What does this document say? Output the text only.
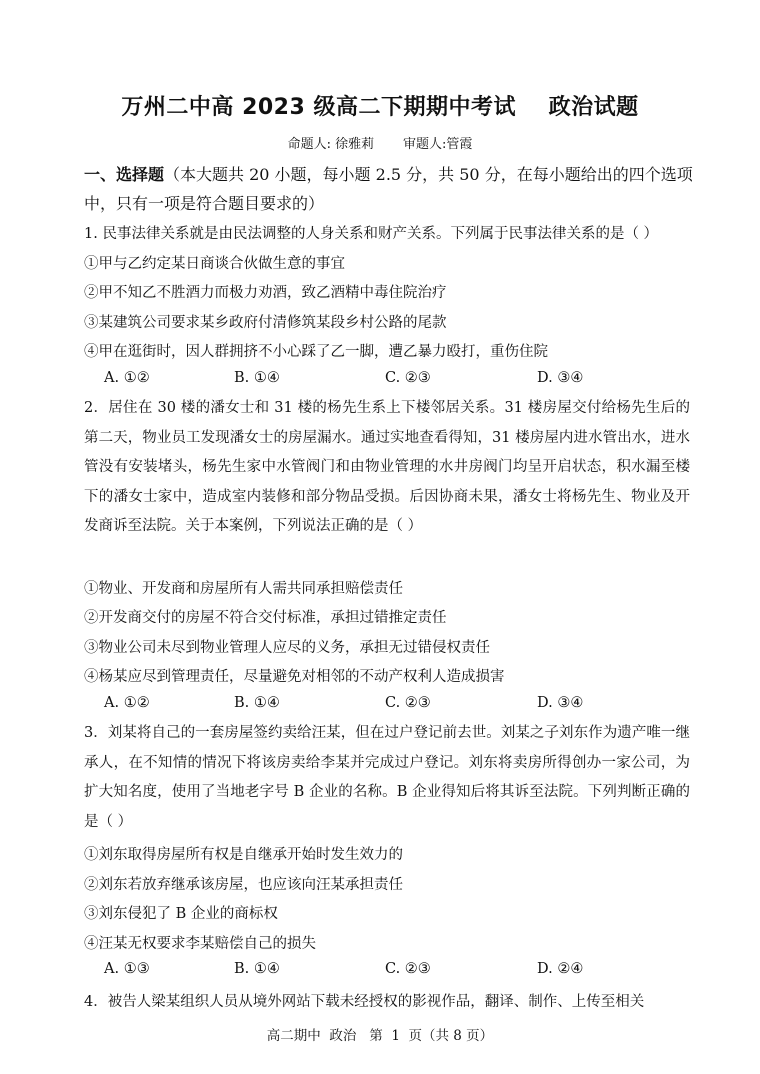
万州二中高 2023 级高二下期期中考试    政治试题
命题人: 徐雅莉       审题人:管霞
一、选择题（本大题共 20 小题，每小题 2.5 分，共 50 分，在每小题给出的四个选项中，只有一项是符合题目要求的）
1. 民事法律关系就是由民法调整的人身关系和财产关系。下列属于民事法律关系的是（ ）
①甲与乙约定某日商谈合伙做生意的事宜
②甲不知乙不胜酒力而极力劝酒，致乙酒精中毒住院治疗
③某建筑公司要求某乡政府付清修筑某段乡村公路的尾款
④甲在逛街时，因人群拥挤不小心踩了乙一脚，遭乙暴力殴打，重伤住院
A. ①②	B. ①④	C. ②③	D. ③④
2．居住在 30 楼的潘女士和 31 楼的杨先生系上下楼邻居关系。31 楼房屋交付给杨先生后的第二天，物业员工发现潘女士的房屋漏水。通过实地查看得知，31 楼房屋内进水管出水，进水管没有安装堵头，杨先生家中水管阀门和由物业管理的水井房阀门均呈开启状态，积水漏至楼下的潘女士家中，造成室内装修和部分物品受损。后因协商未果，潘女士将杨先生、物业及开发商诉至法院。关于本案例，下列说法正确的是（ ）
①物业、开发商和房屋所有人需共同承担赔偿责任
②开发商交付的房屋不符合交付标准，承担过错推定责任
③物业公司未尽到物业管理人应尽的义务，承担无过错侵权责任
④杨某应尽到管理责任，尽量避免对相邻的不动产权利人造成损害
A. ①②	B. ①④	C. ②③	D. ③④
3．刘某将自己的一套房屋签约卖给汪某，但在过户登记前去世。刘某之子刘东作为遗产唯一继承人，在不知情的情况下将该房卖给李某并完成过户登记。刘东将卖房所得创办一家公司，为扩大知名度，使用了当地老字号 B 企业的名称。B 企业得知后将其诉至法院。下列判断正确的是（ ）
①刘东取得房屋所有权是自继承开始时发生效力的
②刘东若放弃继承该房屋，也应该向汪某承担责任
③刘东侵犯了 B 企业的商标权
④汪某无权要求李某赔偿自己的损失
A. ①③	B. ①④	C. ②③	D. ②④
4．被告人梁某组织人员从境外网站下载未经授权的影视作品，翻译、制作、上传至相关
高二期中  政治   第  1  页（共 8 页）
